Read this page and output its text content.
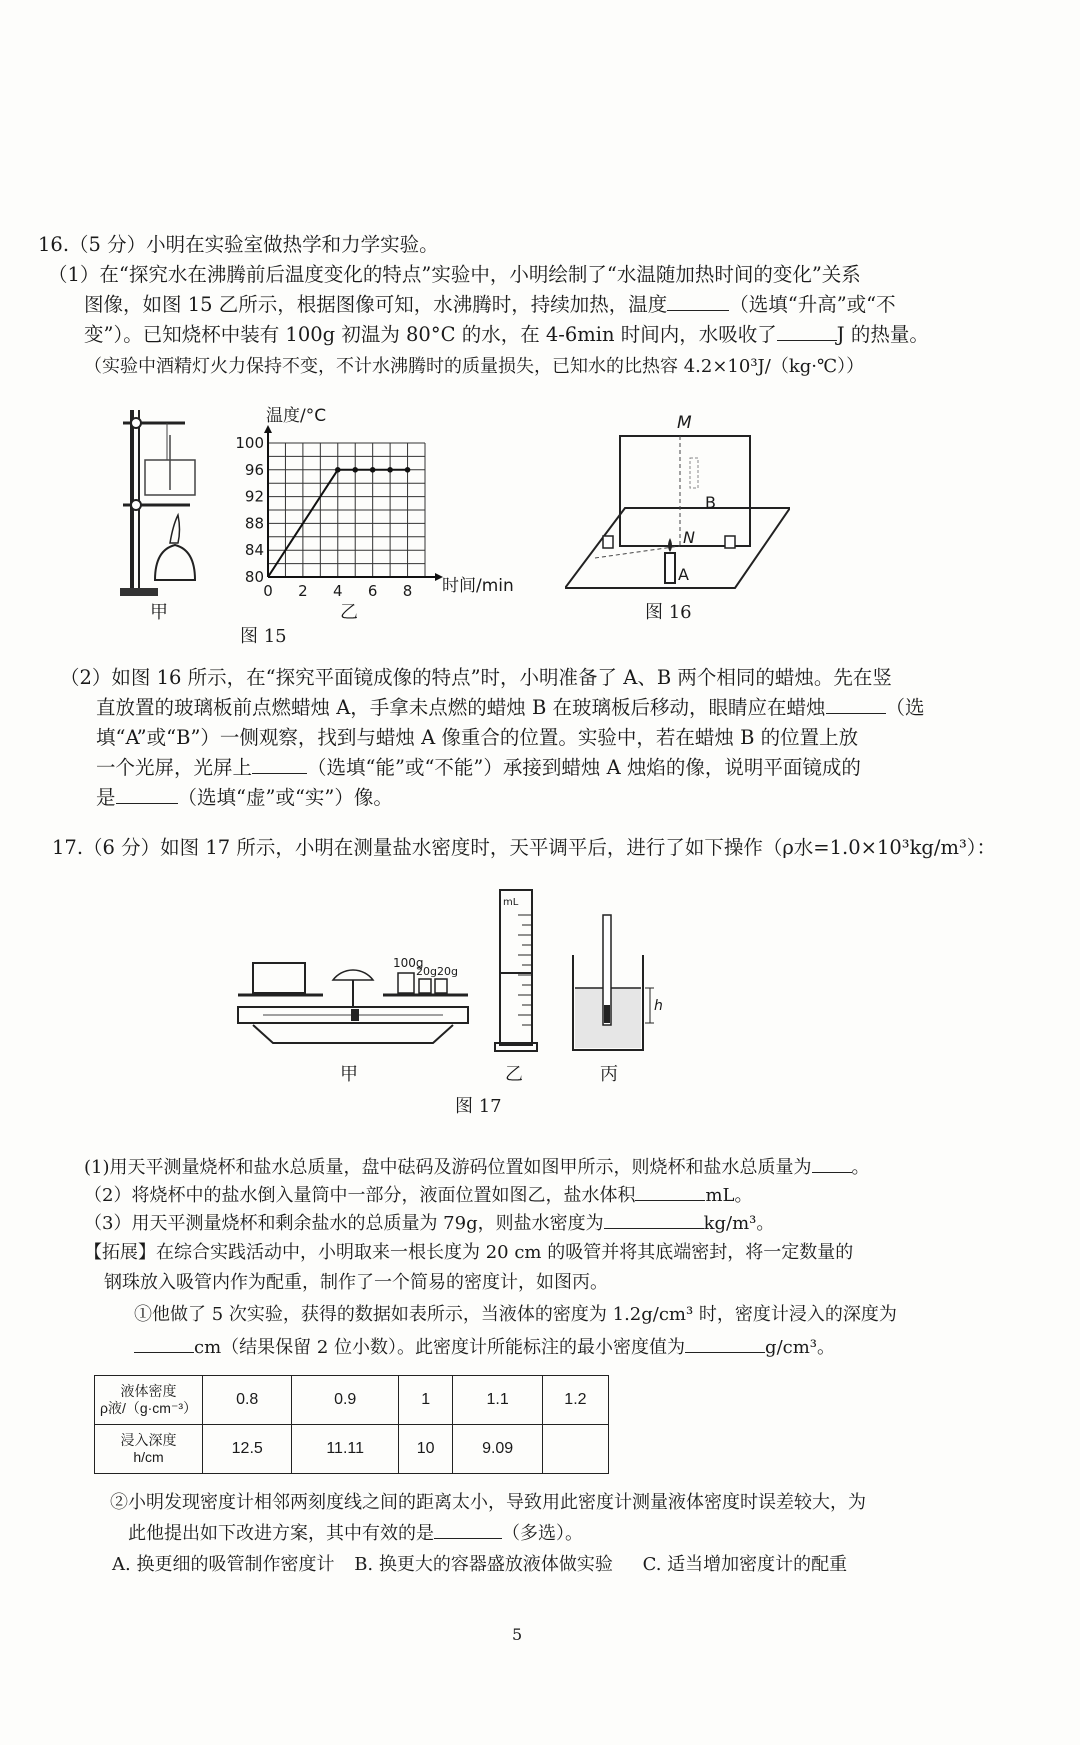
16.（5 分）小明在实验室做热学和力学实验。
（1）在“探究水在沸腾前后温度变化的特点”实验中，小明绘制了“水温随加热时间的变化”关系
图像，如图 15 乙所示，根据图像可知，水沸腾时，持续加热，温度	（选填“升高”或“不
变”）。已知烧杯中装有 100g 初温为 80°C 的水，在 4-6min 时间内，水吸收了	J 的热量。
（实验中酒精灯火力保持不变，不计水沸腾时的质量损失，已知水的比热容 4.2×10³J/（kg·℃））
甲
80
84
88
92
96
100
0 2 4 6 8
温度/°C
时间/min
乙
图 15
M
N
A
B
图 16
（2）如图 16 所示，在“探究平面镜成像的特点”时，小明准备了 A、B 两个相同的蜡烛。先在竖
直放置的玻璃板前点燃蜡烛 A，手拿未点燃的蜡烛 B 在玻璃板后移动，眼睛应在蜡烛	（选
填“A”或“B”）一侧观察，找到与蜡烛 A 像重合的位置。实验中，若在蜡烛 B 的位置上放
一个光屏，光屏上	（选填“能”或“不能”）承接到蜡烛 A 烛焰的像，说明平面镜成的
是	（选填“虚”或“实”）像。
17.（6 分）如图 17 所示，小明在测量盐水密度时，天平调平后，进行了如下操作（ρ水=1.0×10³kg/m³）：
100g
20g 20g
甲
mL
乙
h
丙
图 17
(1)用天平测量烧杯和盐水总质量，盘中砝码及游码位置如图甲所示，则烧杯和盐水总质量为 。
（2）将烧杯中的盐水倒入量筒中一部分，液面位置如图乙，盐水体积	mL。
（3）用天平测量烧杯和剩余盐水的总质量为 79g，则盐水密度为	kg/m³。
【拓展】在综合实践活动中，小明取来一根长度为 20 cm 的吸管并将其底端密封，将一定数量的
钢珠放入吸管内作为配重，制作了一个简易的密度计，如图丙。
①他做了 5 次实验，获得的数据如表所示，当液体的密度为 1.2g/cm³ 时，密度计浸入的深度为
cm（结果保留 2 位小数）。此密度计所能标注的最小密度值为	g/cm³。
液体密度
ρ液/（g·cm⁻³）	0.8	0.9	1	1.1	1.2

浸入深度
h/cm	12.5	11.11	10	9.09	
②小明发现密度计相邻两刻度线之间的距离太小，导致用此密度计测量液体密度时误差较大，为
此他提出如下改进方案，其中有效的是	（多选）。
A. 换更细的吸管制作密度计 B. 换更大的容器盛放液体做实验 C. 适当增加密度计的配重
5
